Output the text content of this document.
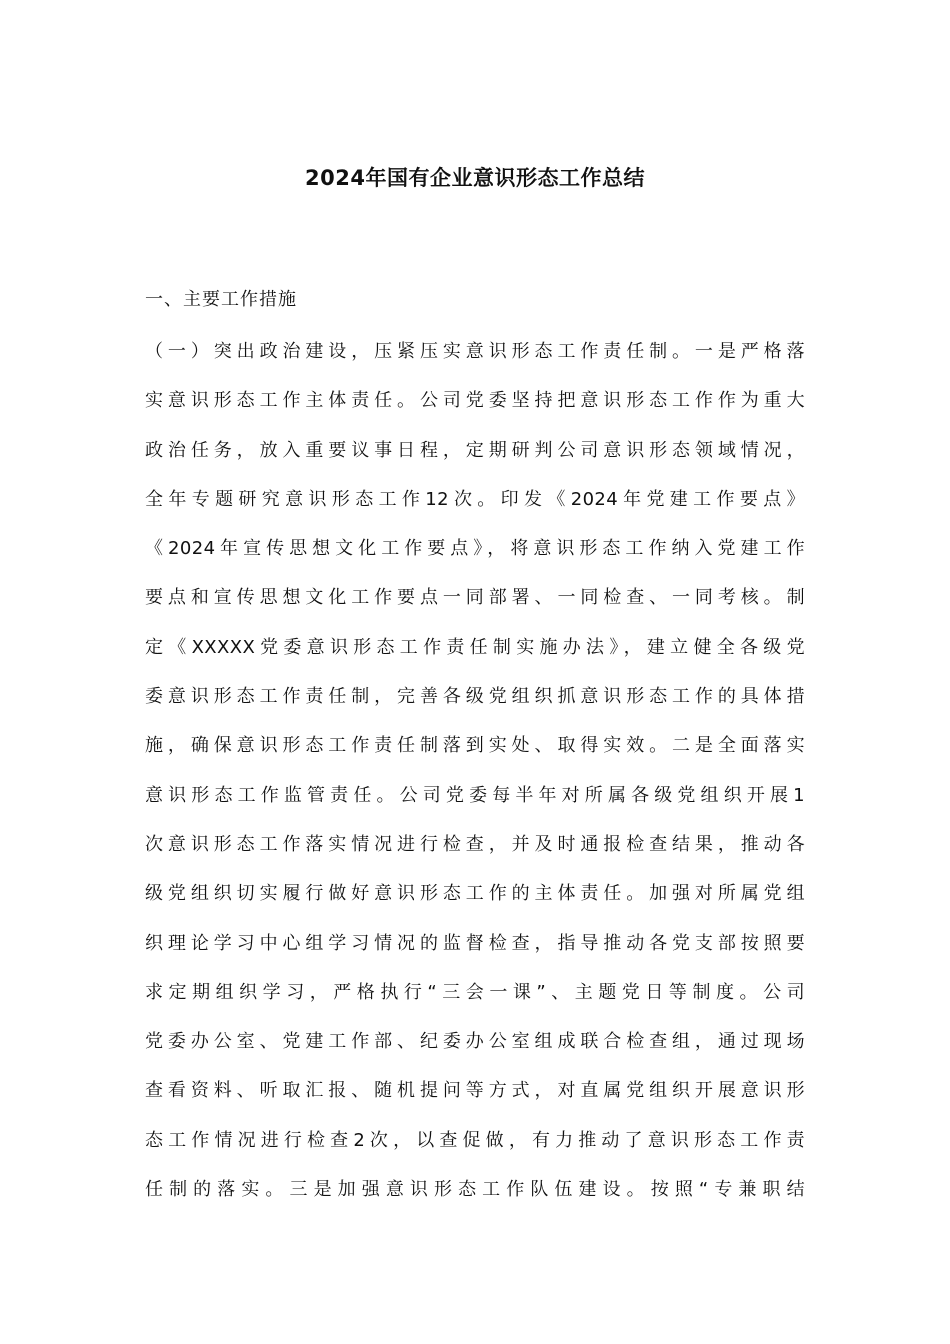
2024年国有企业意识形态工作总结
一、主要工作措施
（一）突出政治建设，压紧压实意识形态工作责任制。一是严格落
实意识形态工作主体责任。公司党委坚持把意识形态工作作为重大
政治任务，放入重要议事日程，定期研判公司意识形态领域情况，
全年专题研究意识形态工作12次。印发《2024年党建工作要点》
《2024年宣传思想文化工作要点》，将意识形态工作纳入党建工作
要点和宣传思想文化工作要点一同部署、一同检查、一同考核。制
定《XXXXX党委意识形态工作责任制实施办法》，建立健全各级党
委意识形态工作责任制，完善各级党组织抓意识形态工作的具体措
施，确保意识形态工作责任制落到实处、取得实效。二是全面落实
意识形态工作监管责任。公司党委每半年对所属各级党组织开展1
次意识形态工作落实情况进行检查，并及时通报检查结果，推动各
级党组织切实履行做好意识形态工作的主体责任。加强对所属党组
织理论学习中心组学习情况的监督检查，指导推动各党支部按照要
求定期组织学习，严格执行“三会一课”、主题党日等制度。公司
党委办公室、党建工作部、纪委办公室组成联合检查组，通过现场
查看资料、听取汇报、随机提问等方式，对直属党组织开展意识形
态工作情况进行检查2次，以查促做，有力推动了意识形态工作责
任制的落实。三是加强意识形态工作队伍建设。按照“专兼职结
